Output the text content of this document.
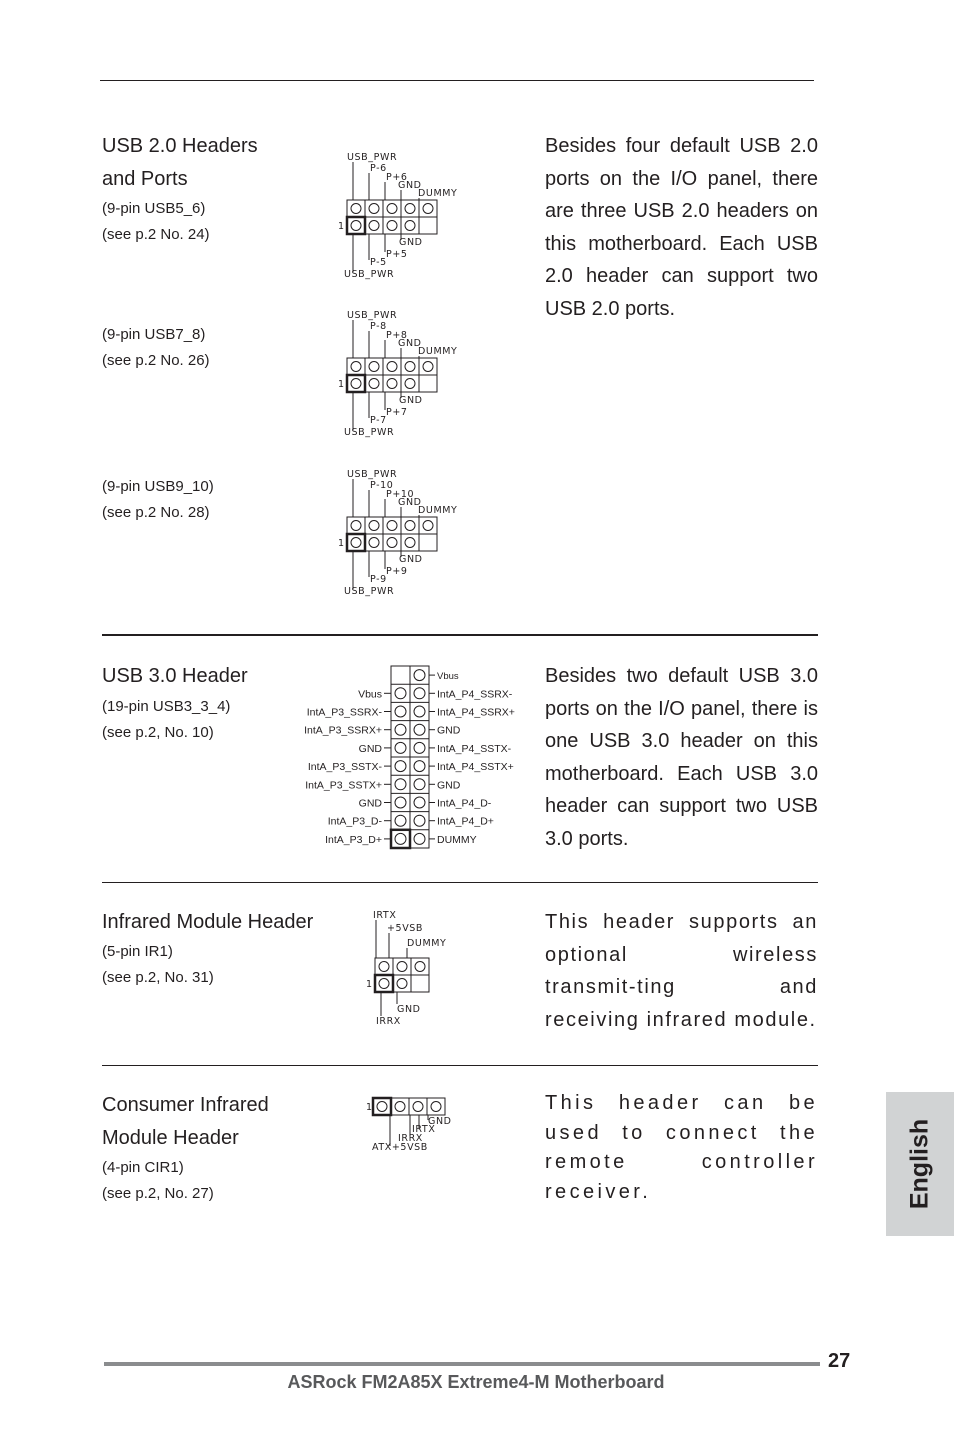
USB 2.0 Headers
and Ports
(9-pin USB5_6)
(see p.2 No. 24)
(9-pin USB7_8)
(see p.2 No. 26)
(9-pin USB9_10)
(see p.2 No. 28)
Besides four default USB 2.0 ports on the I/O panel, there are three USB 2.0 headers on this motherboard. Each USB 2.0 header can support two USB 2.0 ports.
USB_PWR
P-6
P+6
GND
DUMMY
1
GND
P+5
P-5
USB_PWR
USB_PWR
P-8
P+8
GND
DUMMY
1
GND
P+7
P-7
USB_PWR
USB_PWR
P-10
P+10
GND
DUMMY
1
GND
P+9
P-9
USB_PWR
USB 3.0 Header
(19-pin USB3_3_4)
(see p.2, No. 10)
Besides two default USB 3.0 ports on the I/O panel, there is one USB 3.0 header on this motherboard. Each USB 3.0 header can support two USB 3.0 ports.
Vbus
Vbus	IntA_P4_SSRX-
IntA_P3_SSRX-	IntA_P4_SSRX+
IntA_P3_SSRX+	GND
GND	IntA_P4_SSTX-
IntA_P3_SSTX-	IntA_P4_SSTX+
IntA_P3_SSTX+	GND
GND	IntA_P4_D-
IntA_P3_D-	IntA_P4_D+
IntA_P3_D+	DUMMY
Infrared Module Header
(5-pin IR1)
(see p.2, No. 31)
This header supports an optional wireless transmit-ting and receiving infrared module.
IRTX
+5VSB
DUMMY
1
GND
IRRX
Consumer Infrared
Module Header
(4-pin CIR1)
(see p.2, No. 27)
This header can be used to connect the remote controller receiver.
1
GND
IRTX
IRRX
ATX+5VSB	English
27
ASRock FM2A85X Extreme4-M Motherboard
